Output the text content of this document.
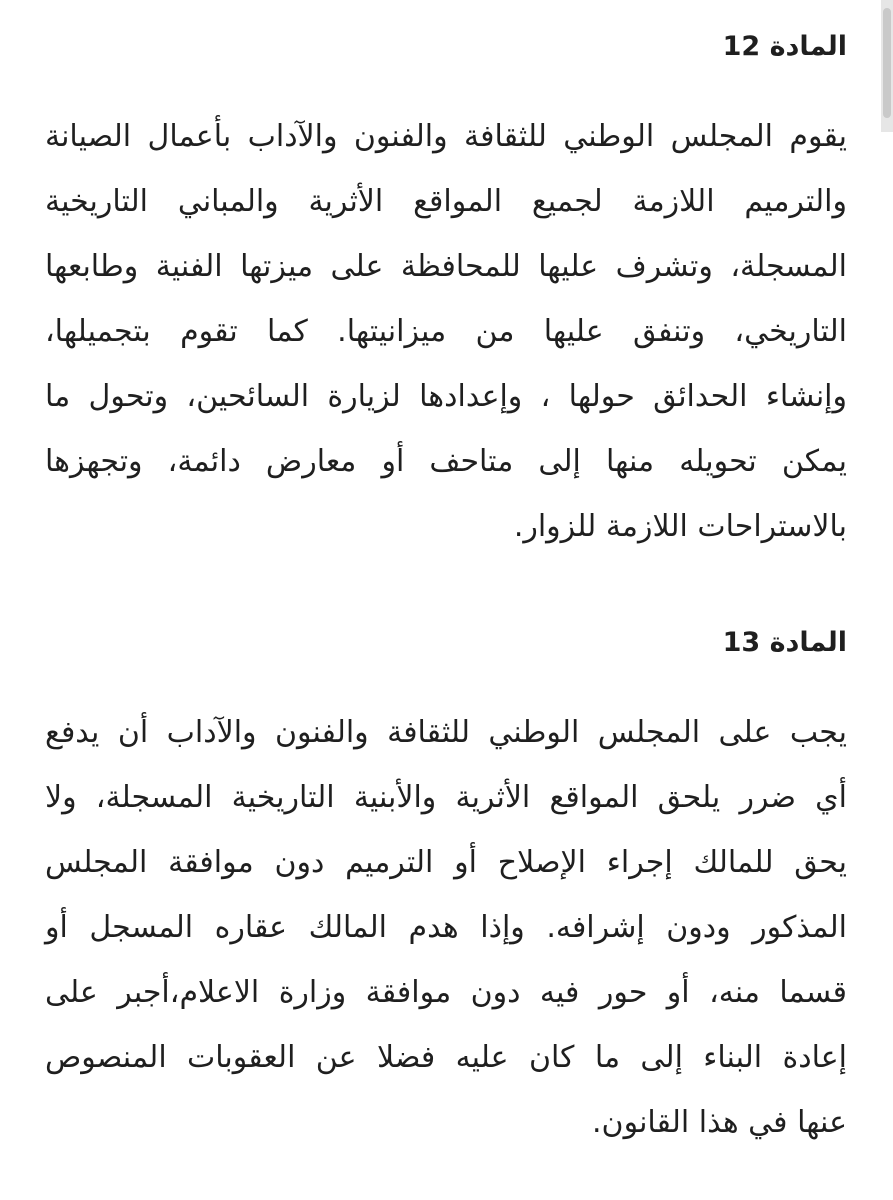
المادة 12

يقوم المجلس الوطني للثقافة والفنون والآداب بأعمال الصيانة
والترميم اللازمة لجميع المواقع الأثرية والمباني التاريخية
المسجلة، وتشرف عليها للمحافظة على ميزتها الفنية وطابعها
التاريخي، وتنفق عليها من ميزانيتها. كما تقوم بتجميلها،
وإنشاء الحدائق حولها ، وإعدادها لزيارة السائحين، وتحول ما
يمكن تحويله منها إلى متاحف أو معارض دائمة، وتجهزها
بالاستراحات اللازمة للزوار.

المادة 13

يجب على المجلس الوطني للثقافة والفنون والآداب أن يدفع
أي ضرر يلحق المواقع الأثرية والأبنية التاريخية المسجلة، ولا
يحق للمالك إجراء الإصلاح أو الترميم دون موافقة المجلس
المذكور ودون إشرافه. وإذا هدم المالك عقاره المسجل أو
قسما منه، أو حور فيه دون موافقة وزارة الاعلام،أجبر على
إعادة البناء إلى ما كان عليه فضلا عن العقوبات المنصوص
عنها في هذا القانون.
